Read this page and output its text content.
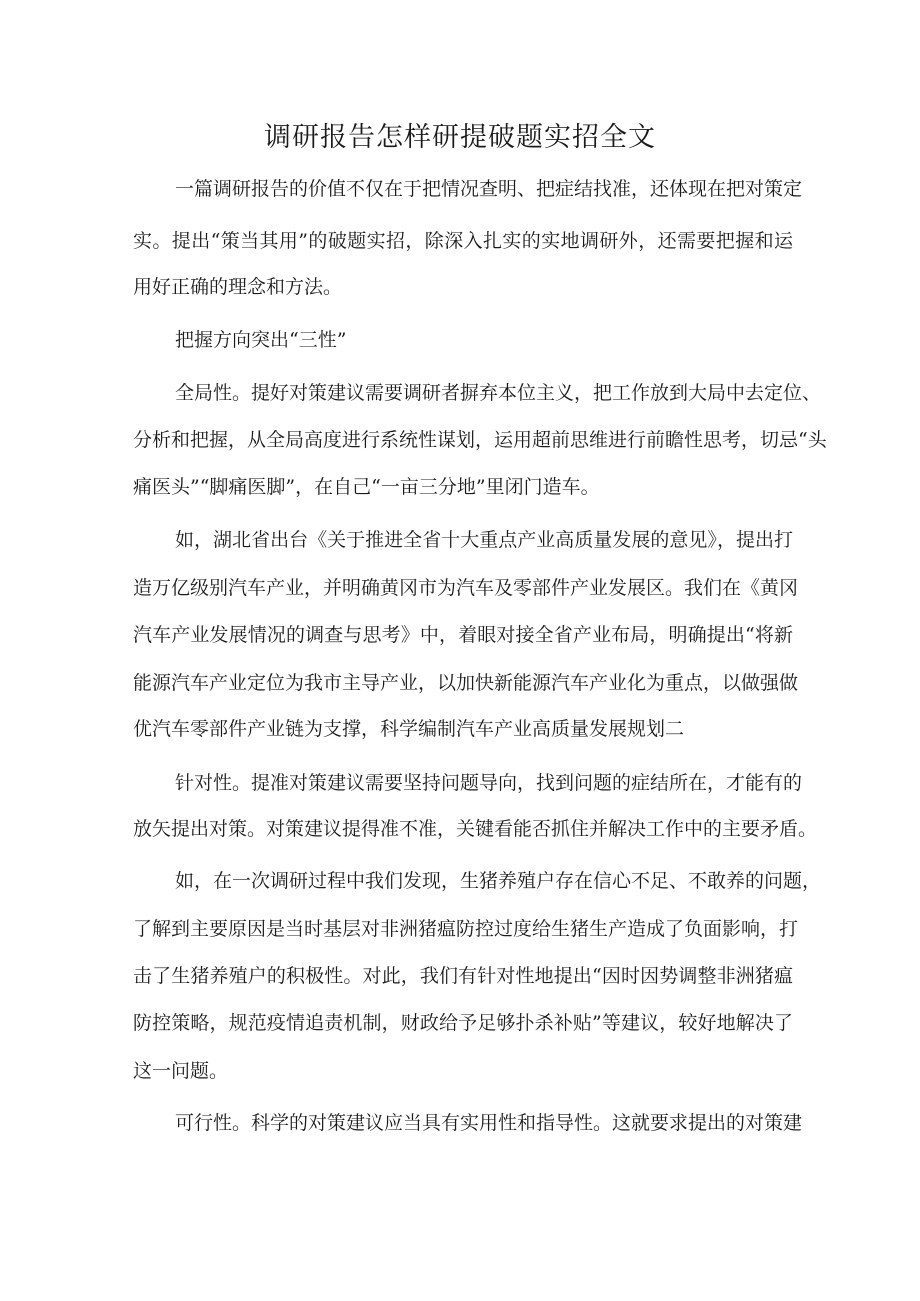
调研报告怎样研提破题实招全文
一篇调研报告的价值不仅在于把情况查明、把症结找准，还体现在把对策定
实。提出“策当其用”的破题实招，除深入扎实的实地调研外，还需要把握和运
用好正确的理念和方法。
把握方向突出“三性”
全局性。提好对策建议需要调研者摒弃本位主义，把工作放到大局中去定位、
分析和把握，从全局高度进行系统性谋划，运用超前思维进行前瞻性思考，切忌“头
痛医头”“脚痛医脚”，在自己“一亩三分地”里闭门造车。
如，湖北省出台《关于推进全省十大重点产业高质量发展的意见》，提出打
造万亿级别汽车产业，并明确黄冈市为汽车及零部件产业发展区。我们在《黄冈
汽车产业发展情况的调查与思考》中，着眼对接全省产业布局，明确提出“将新
能源汽车产业定位为我市主导产业，以加快新能源汽车产业化为重点，以做强做
优汽车零部件产业链为支撑，科学编制汽车产业高质量发展规划二
针对性。提准对策建议需要坚持问题导向，找到问题的症结所在，才能有的
放矢提出对策。对策建议提得准不准，关键看能否抓住并解决工作中的主要矛盾。
如，在一次调研过程中我们发现，生猪养殖户存在信心不足、不敢养的问题，
了解到主要原因是当时基层对非洲猪瘟防控过度给生猪生产造成了负面影响，打
击了生猪养殖户的积极性。对此，我们有针对性地提出“因时因势调整非洲猪瘟
防控策略，规范疫情追责机制，财政给予足够扑杀补贴”等建议，较好地解决了
这一问题。
可行性。科学的对策建议应当具有实用性和指导性。这就要求提出的对策建
